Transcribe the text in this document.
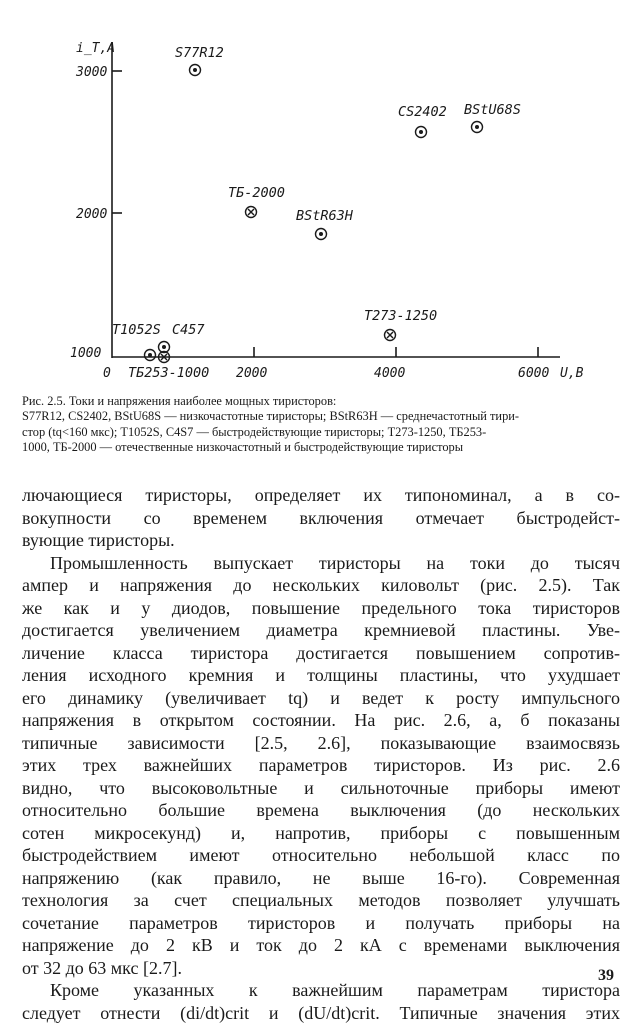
i_T,A
U,B
3000
2000
1000
0	2000	4000	6000
S77R12
CS2402 BStU68S
ТБ-2000
BStR63H
Т273-1250
Т1052S С457
ТБ253-1000
Рис. 2.5. Токи и напряжения наиболее мощных тиристоров:
S77R12, CS2402, BStU68S — низкочастотные тиристоры; BStR63H — среднечастотный тири-
стор (tq<160 мкс); T1052S, С4S7 — быстродействующие тиристоры; Т273-1250, ТБ253-
1000, ТБ-2000 — отечественные низкочастотный и быстродействующие тиристоры
лючающиеся тиристоры, определяет их типономинал, а в со-
вокупности со временем включения отмечает быстродейст-
вующие тиристоры.
Промышленность выпускает тиристоры на токи до тысяч
ампер и напряжения до нескольких киловольт (рис. 2.5). Так
же как и у диодов, повышение предельного тока тиристоров
достигается увеличением диаметра кремниевой пластины. Уве-
личение класса тиристора достигается повышением сопротив-
ления исходного кремния и толщины пластины, что ухудшает
его динамику (увеличивает tq) и ведет к росту импульсного
напряжения в открытом состоянии. На рис. 2.6, а, б показаны
типичные зависимости [2.5, 2.6], показывающие взаимосвязь
этих трех важнейших параметров тиристоров. Из рис. 2.6
видно, что высоковольтные и сильноточные приборы имеют
относительно большие времена выключения (до нескольких
сотен микросекунд) и, напротив, приборы с повышенным
быстродействием имеют относительно небольшой класс по
напряжению (как правило, не выше 16-го). Современная
технология за счет специальных методов позволяет улучшать
сочетание параметров тиристоров и получать приборы на
напряжение до 2 кВ и ток до 2 кА с временами выключения
от 32 до 63 мкс [2.7].
Кроме указанных к важнейшим параметрам тиристора
следует отнести (di/dt)crit и (dU/dt)crit. Типичные значения этих
39
